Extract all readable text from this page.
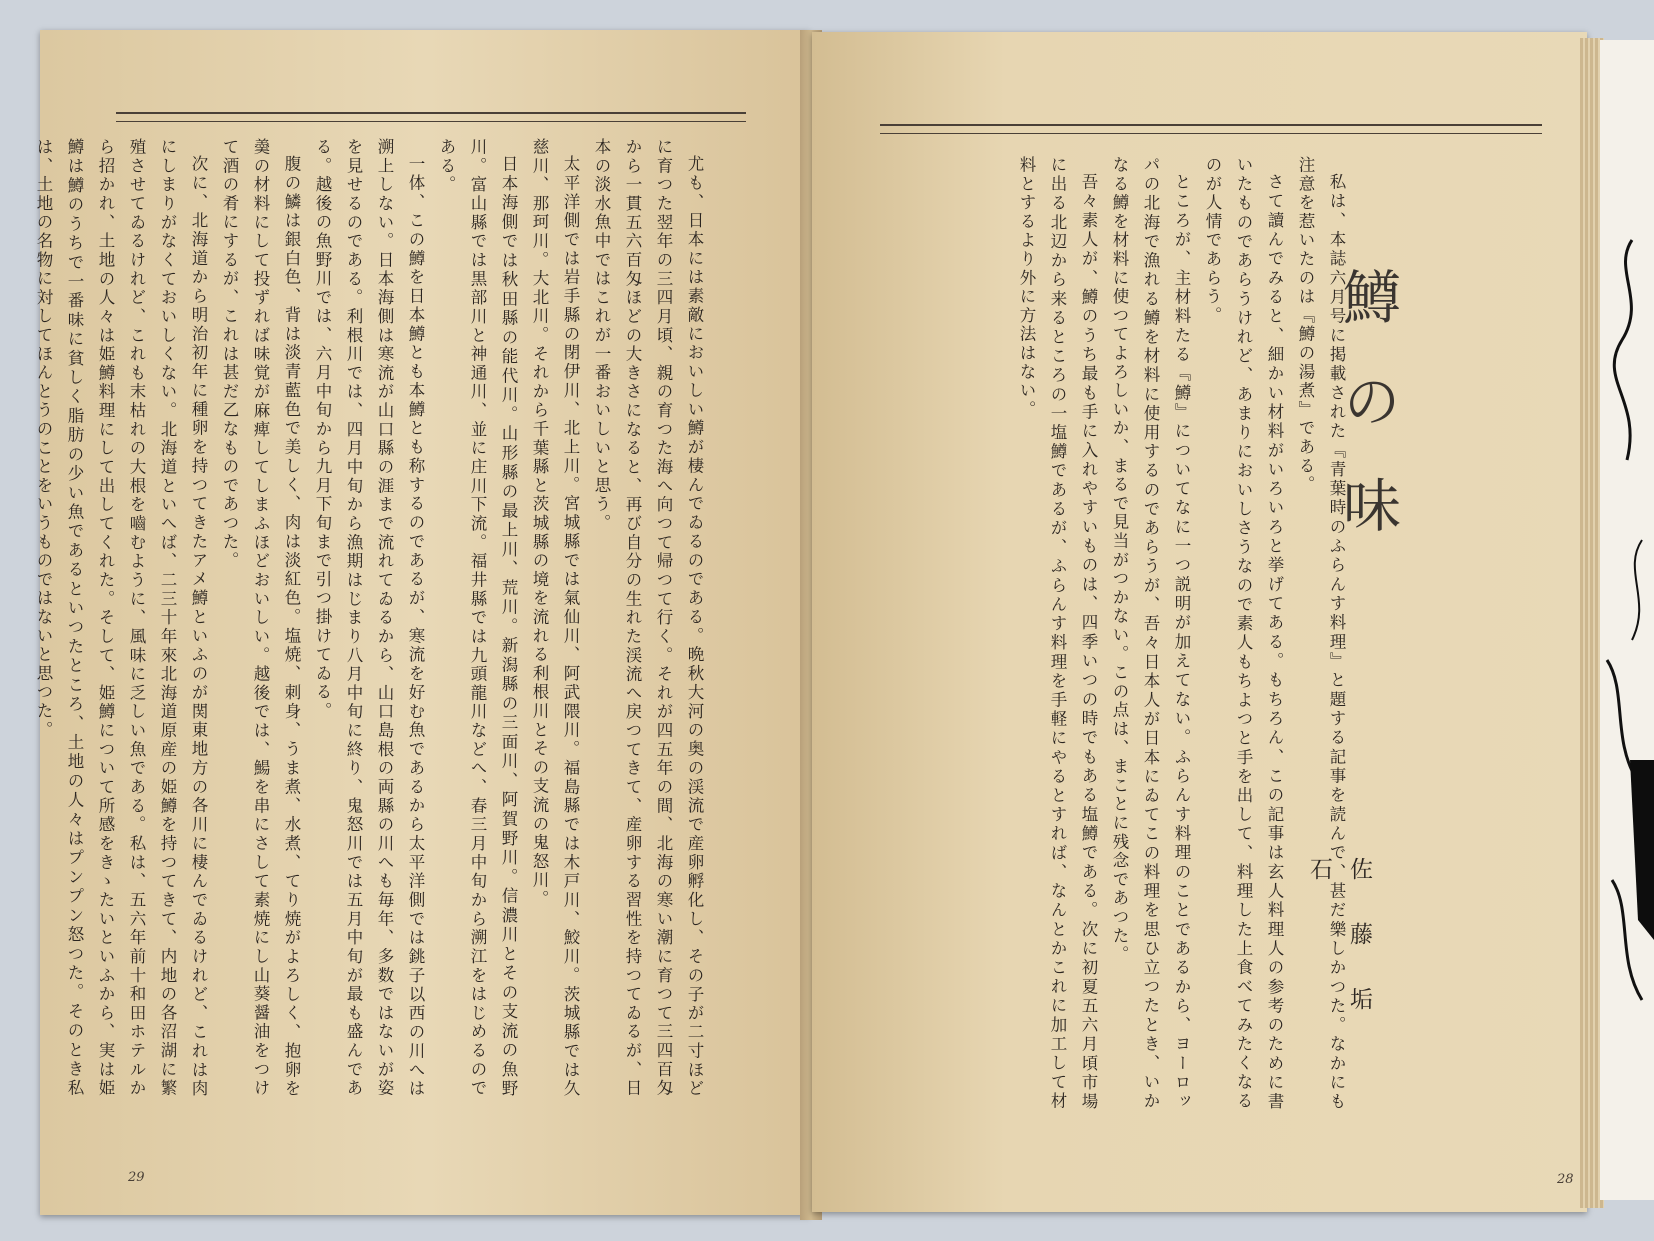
尤も、日本には素敵においしい鱒が棲んでゐるのである。晩秋大河の奥の渓流で産卵孵化し、その子が二寸ほどに育つた翌年の三四月頃、親の育つた海へ向つて帰つて行く。それが四五年の間、北海の寒い潮に育つて三四百匁から一貫五六百匁ほどの大きさになると、再び自分の生れた渓流へ戻つてきて、産卵する習性を持つてゐるが、日本の淡水魚中ではこれが一番おいしいと思う。

太平洋側では岩手縣の閉伊川、北上川。宮城縣では氣仙川、阿武隈川。福島縣では木戸川、鮫川。茨城縣では久慈川、那珂川。大北川。それから千葉縣と茨城縣の境を流れる利根川とその支流の鬼怒川。

日本海側では秋田縣の能代川。山形縣の最上川、荒川。新潟縣の三面川、阿賀野川。信濃川とその支流の魚野川。富山縣では黒部川と神通川、並に庄川下流。福井縣では九頭龍川などへ、春三月中旬から溯江をはじめるのである。

一体、この鱒を日本鱒とも本鱒とも称するのであるが、寒流を好む魚であるから太平洋側では銚子以西の川へは溯上しない。日本海側は寒流が山口縣の涯まで流れてゐるから、山口島根の両縣の川へも毎年、多数ではないが姿を見せるのである。利根川では、四月中旬から漁期はじまり八月中旬に終り、鬼怒川では五月中旬が最も盛んである。越後の魚野川では、六月中旬から九月下旬まで引つ掛けてゐる。

腹の鱗は銀白色、背は淡青藍色で美しく、肉は淡紅色。塩焼、刺身、うま煮、水煮、てり焼がよろしく、抱卵を羮の材料にして投ずれば味覚が麻痺してしまふほどおいしい。越後では、鰑を串にさして素焼にし山葵醤油をつけて酒の肴にするが、これは甚だ乙なものであつた。

次に、北海道から明治初年に種卵を持つてきたアメ鱒といふのが関東地方の各川に棲んでゐるけれど、これは肉にしまりがなくておいしくない。北海道といへば、二三十年來北海道原産の姫鱒を持つてきて、内地の各沼湖に繁殖させてゐるけれど、これも末枯れの大根を嚙むように、風味に乏しい魚である。私は、五六年前十和田ホテルから招かれ、土地の人々は姫鱒料理にして出してくれた。そして、姫鱒について所感をきゝたいといふから、実は姫鱒は鱒のうちで一番味に貧しく脂肪の少い魚であるといつたところ、土地の人々はプンプン怒つた。そのとき私は、土地の名物に対してほんとうのことをいうものではないと思つた。

29

私は、本誌六月号に掲載された『青葉時のふらんす料理』と題する記事を読んで、甚だ樂しかつた。なかにも注意を惹いたのは『鱒の湯煮』である。

さて讀んでみると、細かい材料がいろいろと挙げてある。もちろん、この記事は玄人料理人の参考のために書いたものであらうけれど、あまりにおいしさうなので素人もちよつと手を出して、料理した上食べてみたくなるのが人情であらう。

ところが、主材料たる『鱒』についてなに一つ説明が加えてない。ふらんす料理のことであるから、ヨーロッパの北海で漁れる鱒を材料に使用するのであらうが、吾々日本人が日本にゐてこの料理を思ひ立つたとき、いかなる鱒を材料に使つてよろしいか、まるで見当がつかない。この点は、まことに残念であつた。

吾々素人が、鱒のうち最も手に入れやすいものは、四季いつの時でもある塩鱒である。次に初夏五六月頃市場に出る北辺から来るところの一塩鱒であるが、ふらんす料理を手軽にやるとすれば、なんとかこれに加工して材料とするより外に方法はない。	鱒の味
佐藤垢石
28
